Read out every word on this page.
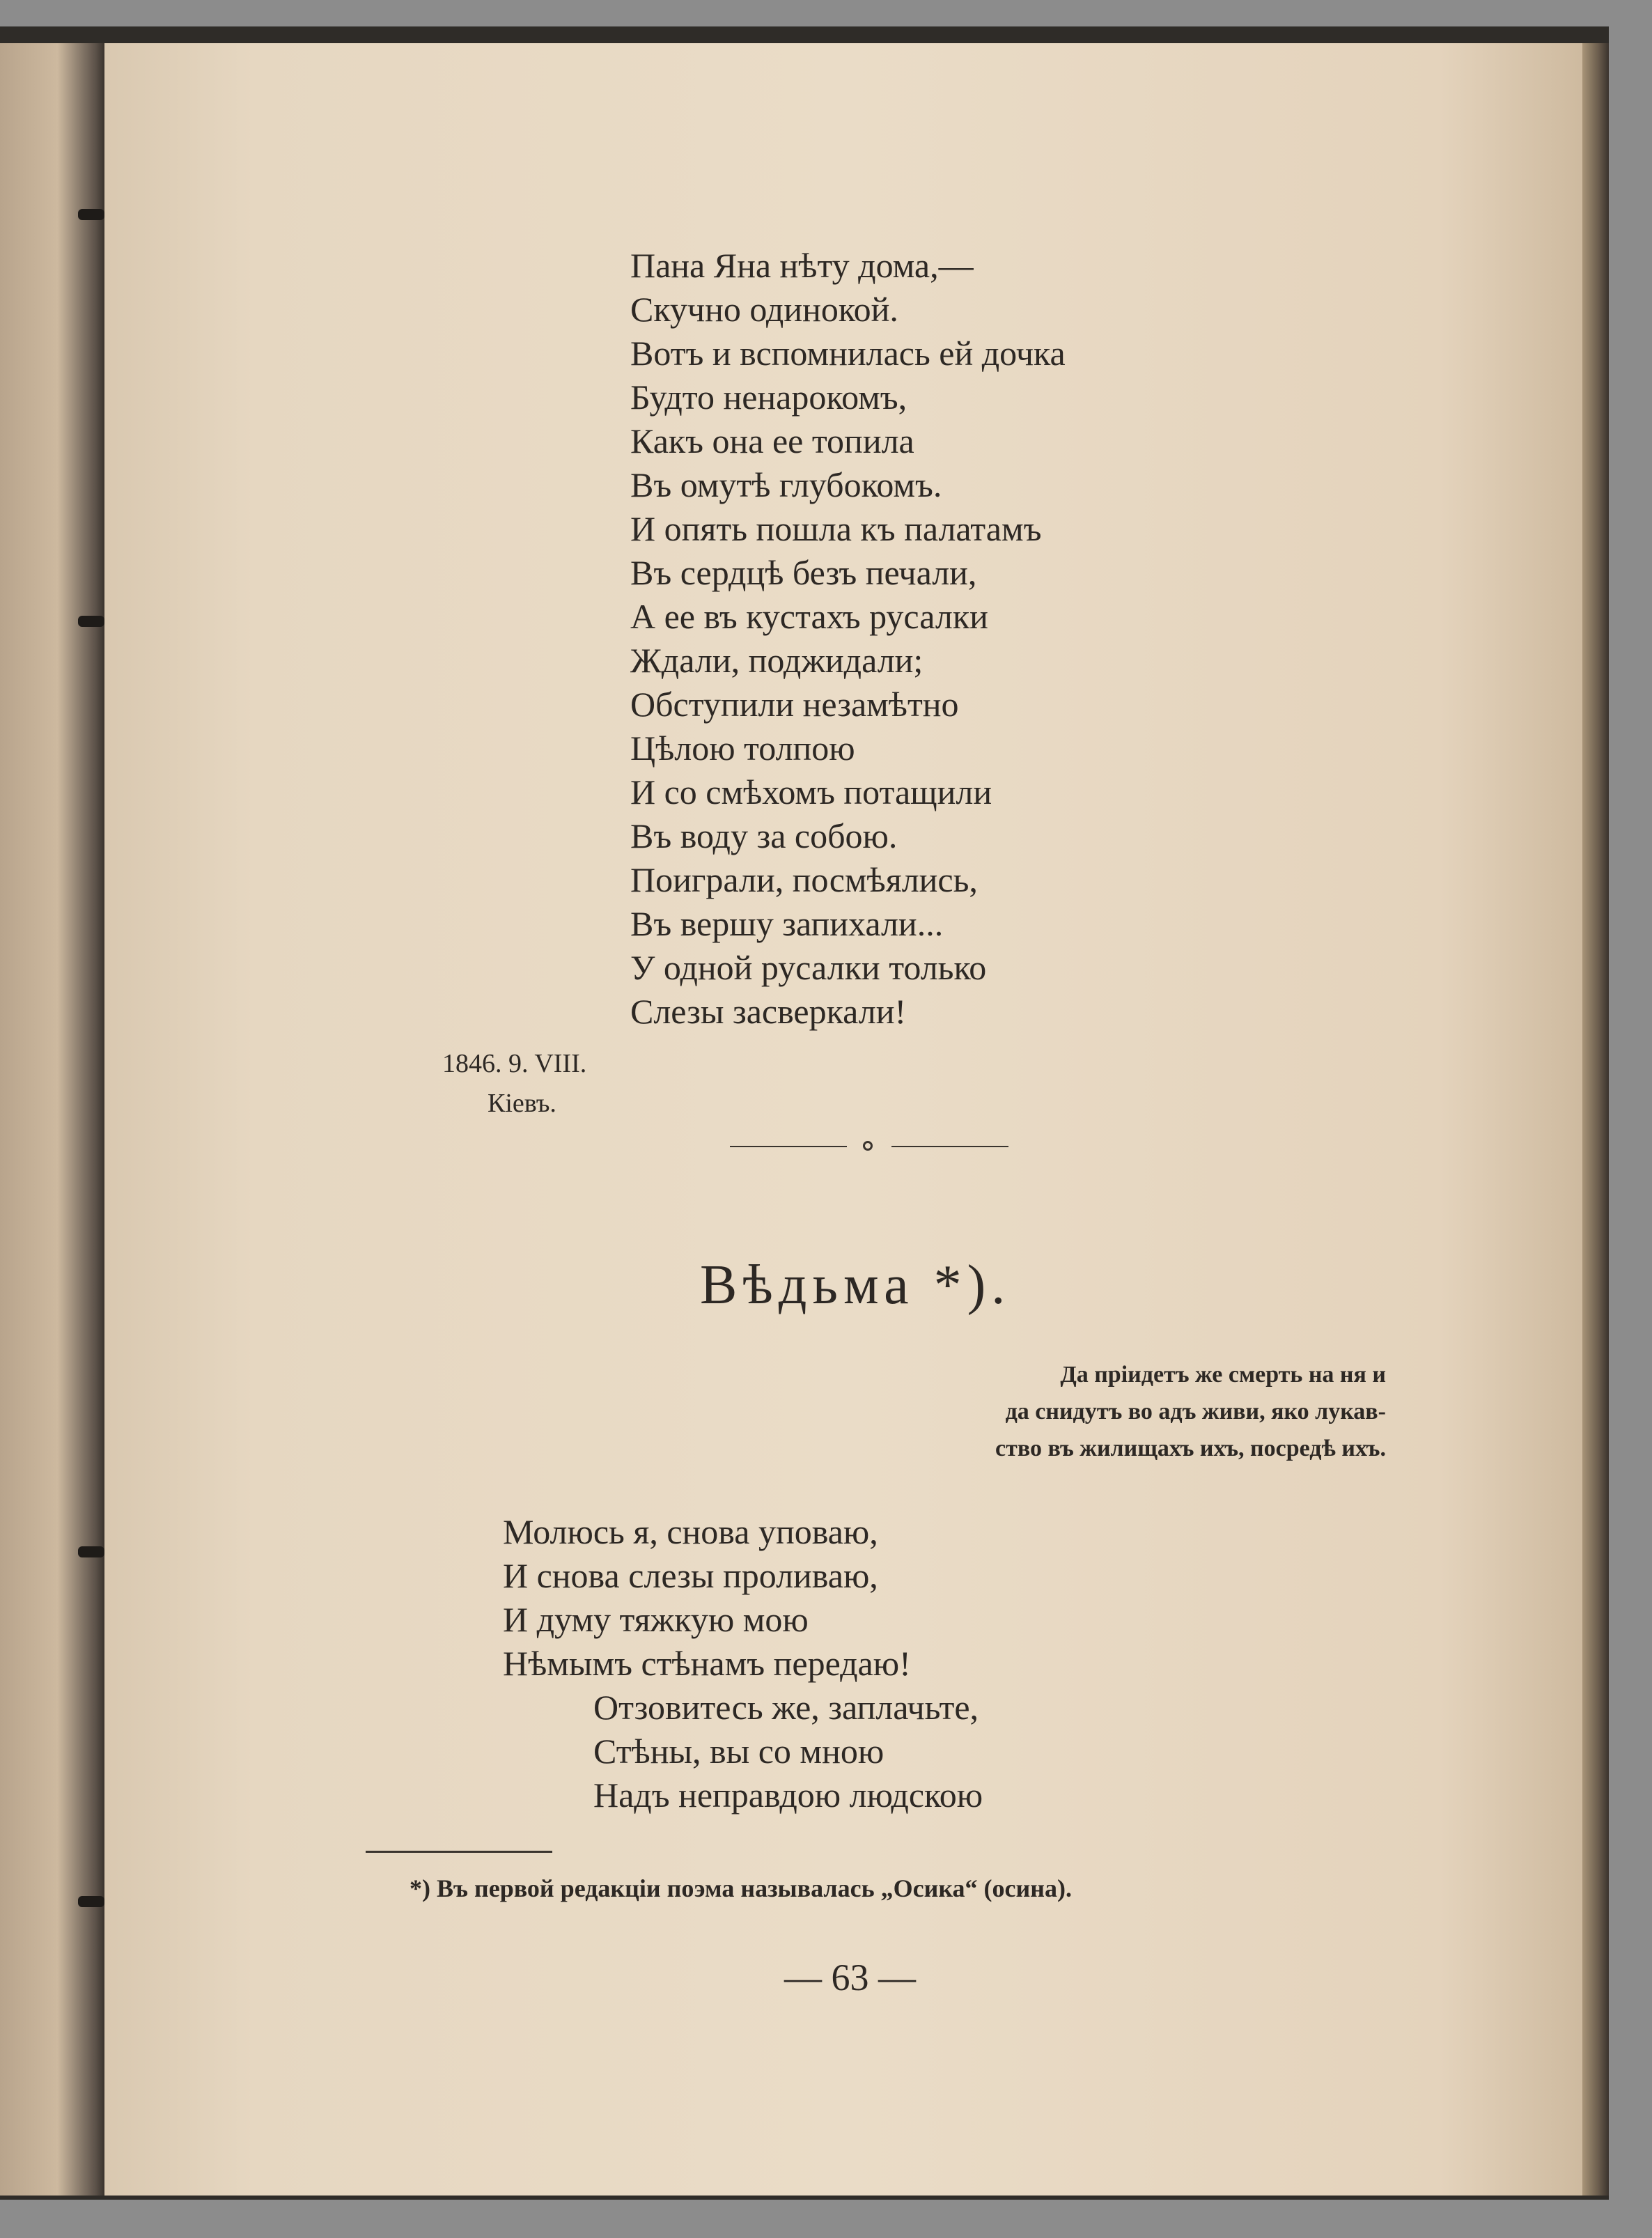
Пана Яна нѣту дома,—
Скучно одинокой.
Вотъ и вспомнилась ей дочка
Будто ненарокомъ,
Какъ она ее топила
Въ омутѣ глубокомъ.
И опять пошла къ палатамъ
Въ сердцѣ безъ печали,
А ее въ кустахъ русалки
Ждали, поджидали;
Обступили незамѣтно
Цѣлою толпою
И со смѣхомъ потащили
Въ воду за собою.
Поиграли, посмѣялись,
Въ вершу запихали...
У одной русалки только
Слезы засверкали!
1846. 9. VIII.
Кіевъ.
Вѣдьма *).
Да пріидетъ же смерть на ня и
да снидутъ во адъ живи, яко лукав-
ство въ жилищахъ ихъ, посредѣ ихъ.
Молюсь я, снова уповаю,
И снова слезы проливаю,
И думу тяжкую мою
Нѣмымъ стѣнамъ передаю!
Отзовитесь же, заплачьте,
Стѣны, вы со мною
Надъ неправдою людскою
*) Въ первой редакціи поэма называлась „Осика“ (осина).
— 63 —
